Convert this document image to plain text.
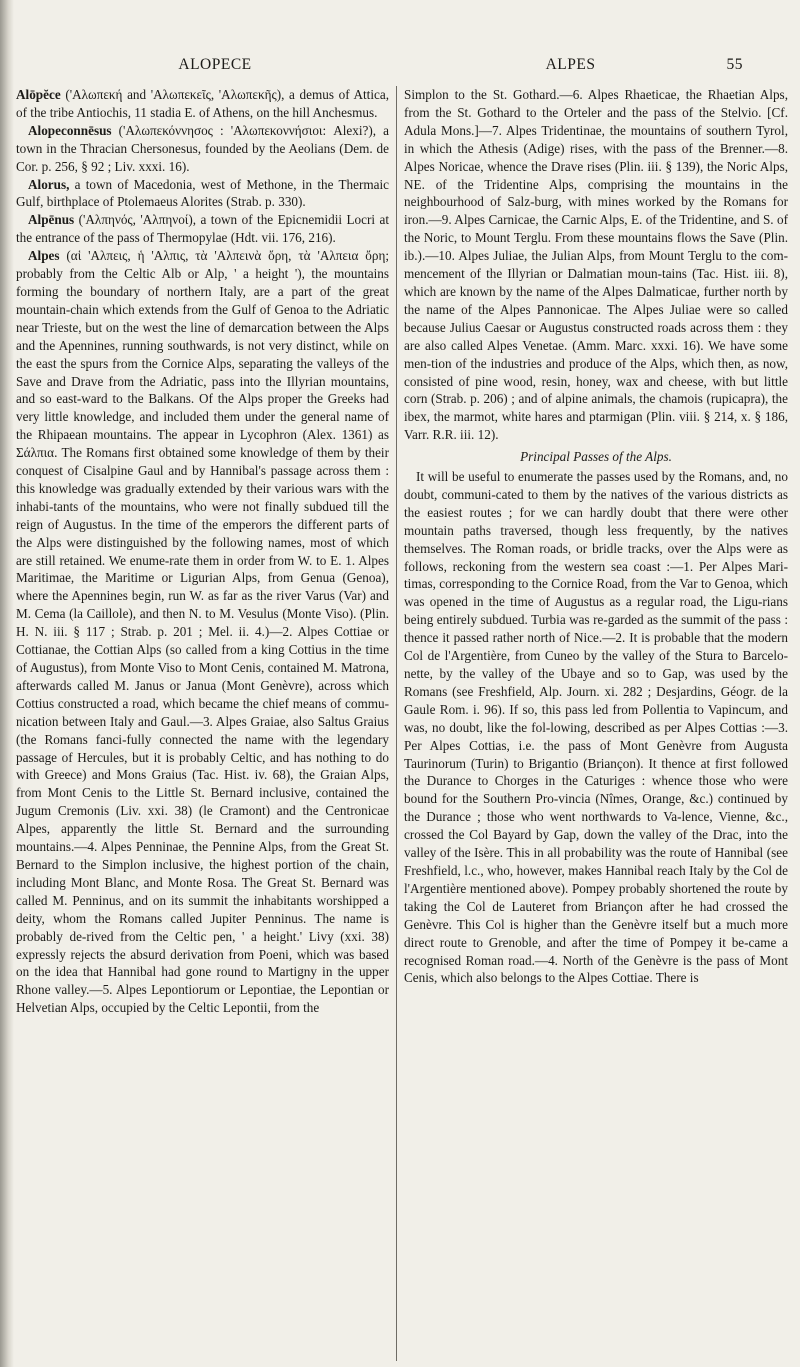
ALOPECE	ALPES	55

Alōpĕce ('Αλωπεκή and 'Αλωπεκεῖς, 'Αλωπεκῆς), a demus of Attica, of the tribe Antiochis, 11 stadia E. of Athens, on the hill Anchesmus.

Alopeconnēsus ('Αλωπεκόννησος : 'Αλωπεκοννήσιοι: Alexi?), a town in the Thracian Chersonesus, founded by the Aeolians (Dem. de Cor. p. 256, § 92 ; Liv. xxxi. 16).

Alorus, a town of Macedonia, west of Methone, in the Thermaic Gulf, birthplace of Ptolemaeus Alorites (Strab. p. 330).

Alpēnus ('Αλπηνός, 'Αλπηνοί), a town of the Epicnemidii Locri at the entrance of the pass of Thermopylae (Hdt. vii. 176, 216).

Alpes (αἱ 'Αλπεις, ἡ 'Αλπις, τὰ 'Αλπεινὰ ὄρη, τὰ 'Αλπεια ὄρη; probably from the Celtic Alb or Alp, ' a height '), the mountains forming the boundary of northern Italy, are a part of the great mountain-chain which extends from the Gulf of Genoa to the Adriatic near Trieste, but on the west the line of demarcation between the Alps and the Apennines, running southwards, is not very distinct, while on the east the spurs from the Cornice Alps, separating the valleys of the Save and Drave from the Adriatic, pass into the Illyrian mountains, and so east-ward to the Balkans. Of the Alps proper the Greeks had very little knowledge, and included them under the general name of the Rhipaean mountains. The appear in Lycophron (Alex. 1361) as Σάλπια. The Romans first obtained some knowledge of them by their conquest of Cisalpine Gaul and by Hannibal's passage across them : this knowledge was gradually extended by their various wars with the inhabi-tants of the mountains, who were not finally subdued till the reign of Augustus. In the time of the emperors the different parts of the Alps were distinguished by the following names, most of which are still retained. We enume-rate them in order from W. to E. 1. Alpes Maritimae, the Maritime or Ligurian Alps, from Genua (Genoa), where the Apennines begin, run W. as far as the river Varus (Var) and M. Cema (la Caillole), and then N. to M. Vesulus (Monte Viso). (Plin. H. N. iii. § 117 ; Strab. p. 201 ; Mel. ii. 4.)—2. Alpes Cottiae or Cottianae, the Cottian Alps (so called from a king Cottius in the time of Augustus), from Monte Viso to Mont Cenis, contained M. Matrona, afterwards called M. Janus or Janua (Mont Genèvre), across which Cottius constructed a road, which became the chief means of commu-nication between Italy and Gaul.—3. Alpes Graiae, also Saltus Graius (the Romans fanci-fully connected the name with the legendary passage of Hercules, but it is probably Celtic, and has nothing to do with Greece) and Mons Graius (Tac. Hist. iv. 68), the Graian Alps, from Mont Cenis to the Little St. Bernard inclusive, contained the Jugum Cremonis (Liv. xxi. 38) (le Cramont) and the Centronicae Alpes, apparently the little St. Bernard and the surrounding mountains.—4. Alpes Penninae, the Pennine Alps, from the Great St. Bernard to the Simplon inclusive, the highest portion of the chain, including Mont Blanc, and Monte Rosa. The Great St. Bernard was called M. Penninus, and on its summit the inhabitants worshipped a deity, whom the Romans called Jupiter Penninus. The name is probably de-rived from the Celtic pen, ' a height.' Livy (xxi. 38) expressly rejects the absurd derivation from Poeni, which was based on the idea that Hannibal had gone round to Martigny in the upper Rhone valley.—5. Alpes Lepontiorum or Lepontiae, the Lepontian or Helvetian Alps, occupied by the Celtic Lepontii, from the

Simplon to the St. Gothard.—6. Alpes Rhaeticae, the Rhaetian Alps, from the St. Gothard to the Orteler and the pass of the Stelvio. [Cf. Adula Mons.]—7. Alpes Tridentinae, the mountains of southern Tyrol, in which the Athesis (Adige) rises, with the pass of the Brenner.—8. Alpes Noricae, whence the Drave rises (Plin. iii. § 139), the Noric Alps, NE. of the Tridentine Alps, comprising the mountains in the neighbourhood of Salz-burg, with mines worked by the Romans for iron.—9. Alpes Carnicae, the Carnic Alps, E. of the Tridentine, and S. of the Noric, to Mount Terglu. From these mountains flows the Save (Plin. ib.).—10. Alpes Juliae, the Julian Alps, from Mount Terglu to the com-mencement of the Illyrian or Dalmatian moun-tains (Tac. Hist. iii. 8), which are known by the name of the Alpes Dalmaticae, further north by the name of the Alpes Pannonicae. The Alpes Juliae were so called because Julius Caesar or Augustus constructed roads across them : they are also called Alpes Venetae. (Amm. Marc. xxxi. 16). We have some men-tion of the industries and produce of the Alps, which then, as now, consisted of pine wood, resin, honey, wax and cheese, with but little corn (Strab. p. 206) ; and of alpine animals, the chamois (rupicapra), the ibex, the marmot, white hares and ptarmigan (Plin. viii. § 214, x. § 186, Varr. R.R. iii. 12).

Principal Passes of the Alps.

It will be useful to enumerate the passes used by the Romans, and, no doubt, communi-cated to them by the natives of the various districts as the easiest routes ; for we can hardly doubt that there were other mountain paths traversed, though less frequently, by the natives themselves. The Roman roads, or bridle tracks, over the Alps were as follows, reckoning from the western sea coast :—1. Per Alpes Mari-timas, corresponding to the Cornice Road, from the Var to Genoa, which was opened in the time of Augustus as a regular road, the Ligu-rians being entirely subdued. Turbia was re-garded as the summit of the pass : thence it passed rather north of Nice.—2. It is probable that the modern Col de l'Argentière, from Cuneo by the valley of the Stura to Barcelo-nette, by the valley of the Ubaye and so to Gap, was used by the Romans (see Freshfield, Alp. Journ. xi. 282 ; Desjardins, Géogr. de la Gaule Rom. i. 96). If so, this pass led from Pollentia to Vapincum, and was, no doubt, like the fol-lowing, described as per Alpes Cottias :—3. Per Alpes Cottias, i.e. the pass of Mont Genèvre from Augusta Taurinorum (Turin) to Brigantio (Briançon). It thence at first followed the Durance to Chorges in the Caturiges : whence those who were bound for the Southern Pro-vincia (Nîmes, Orange, &c.) continued by the Durance ; those who went northwards to Va-lence, Vienne, &c., crossed the Col Bayard by Gap, down the valley of the Drac, into the valley of the Isère. This in all probability was the route of Hannibal (see Freshfield, l.c., who, however, makes Hannibal reach Italy by the Col de l'Argentière mentioned above). Pompey probably shortened the route by taking the Col de Lauteret from Briançon after he had crossed the Genèvre. This Col is higher than the Genèvre itself but a much more direct route to Grenoble, and after the time of Pompey it be-came a recognised Roman road.—4. North of the Genèvre is the pass of Mont Cenis, which also belongs to the Alpes Cottiae. There is
